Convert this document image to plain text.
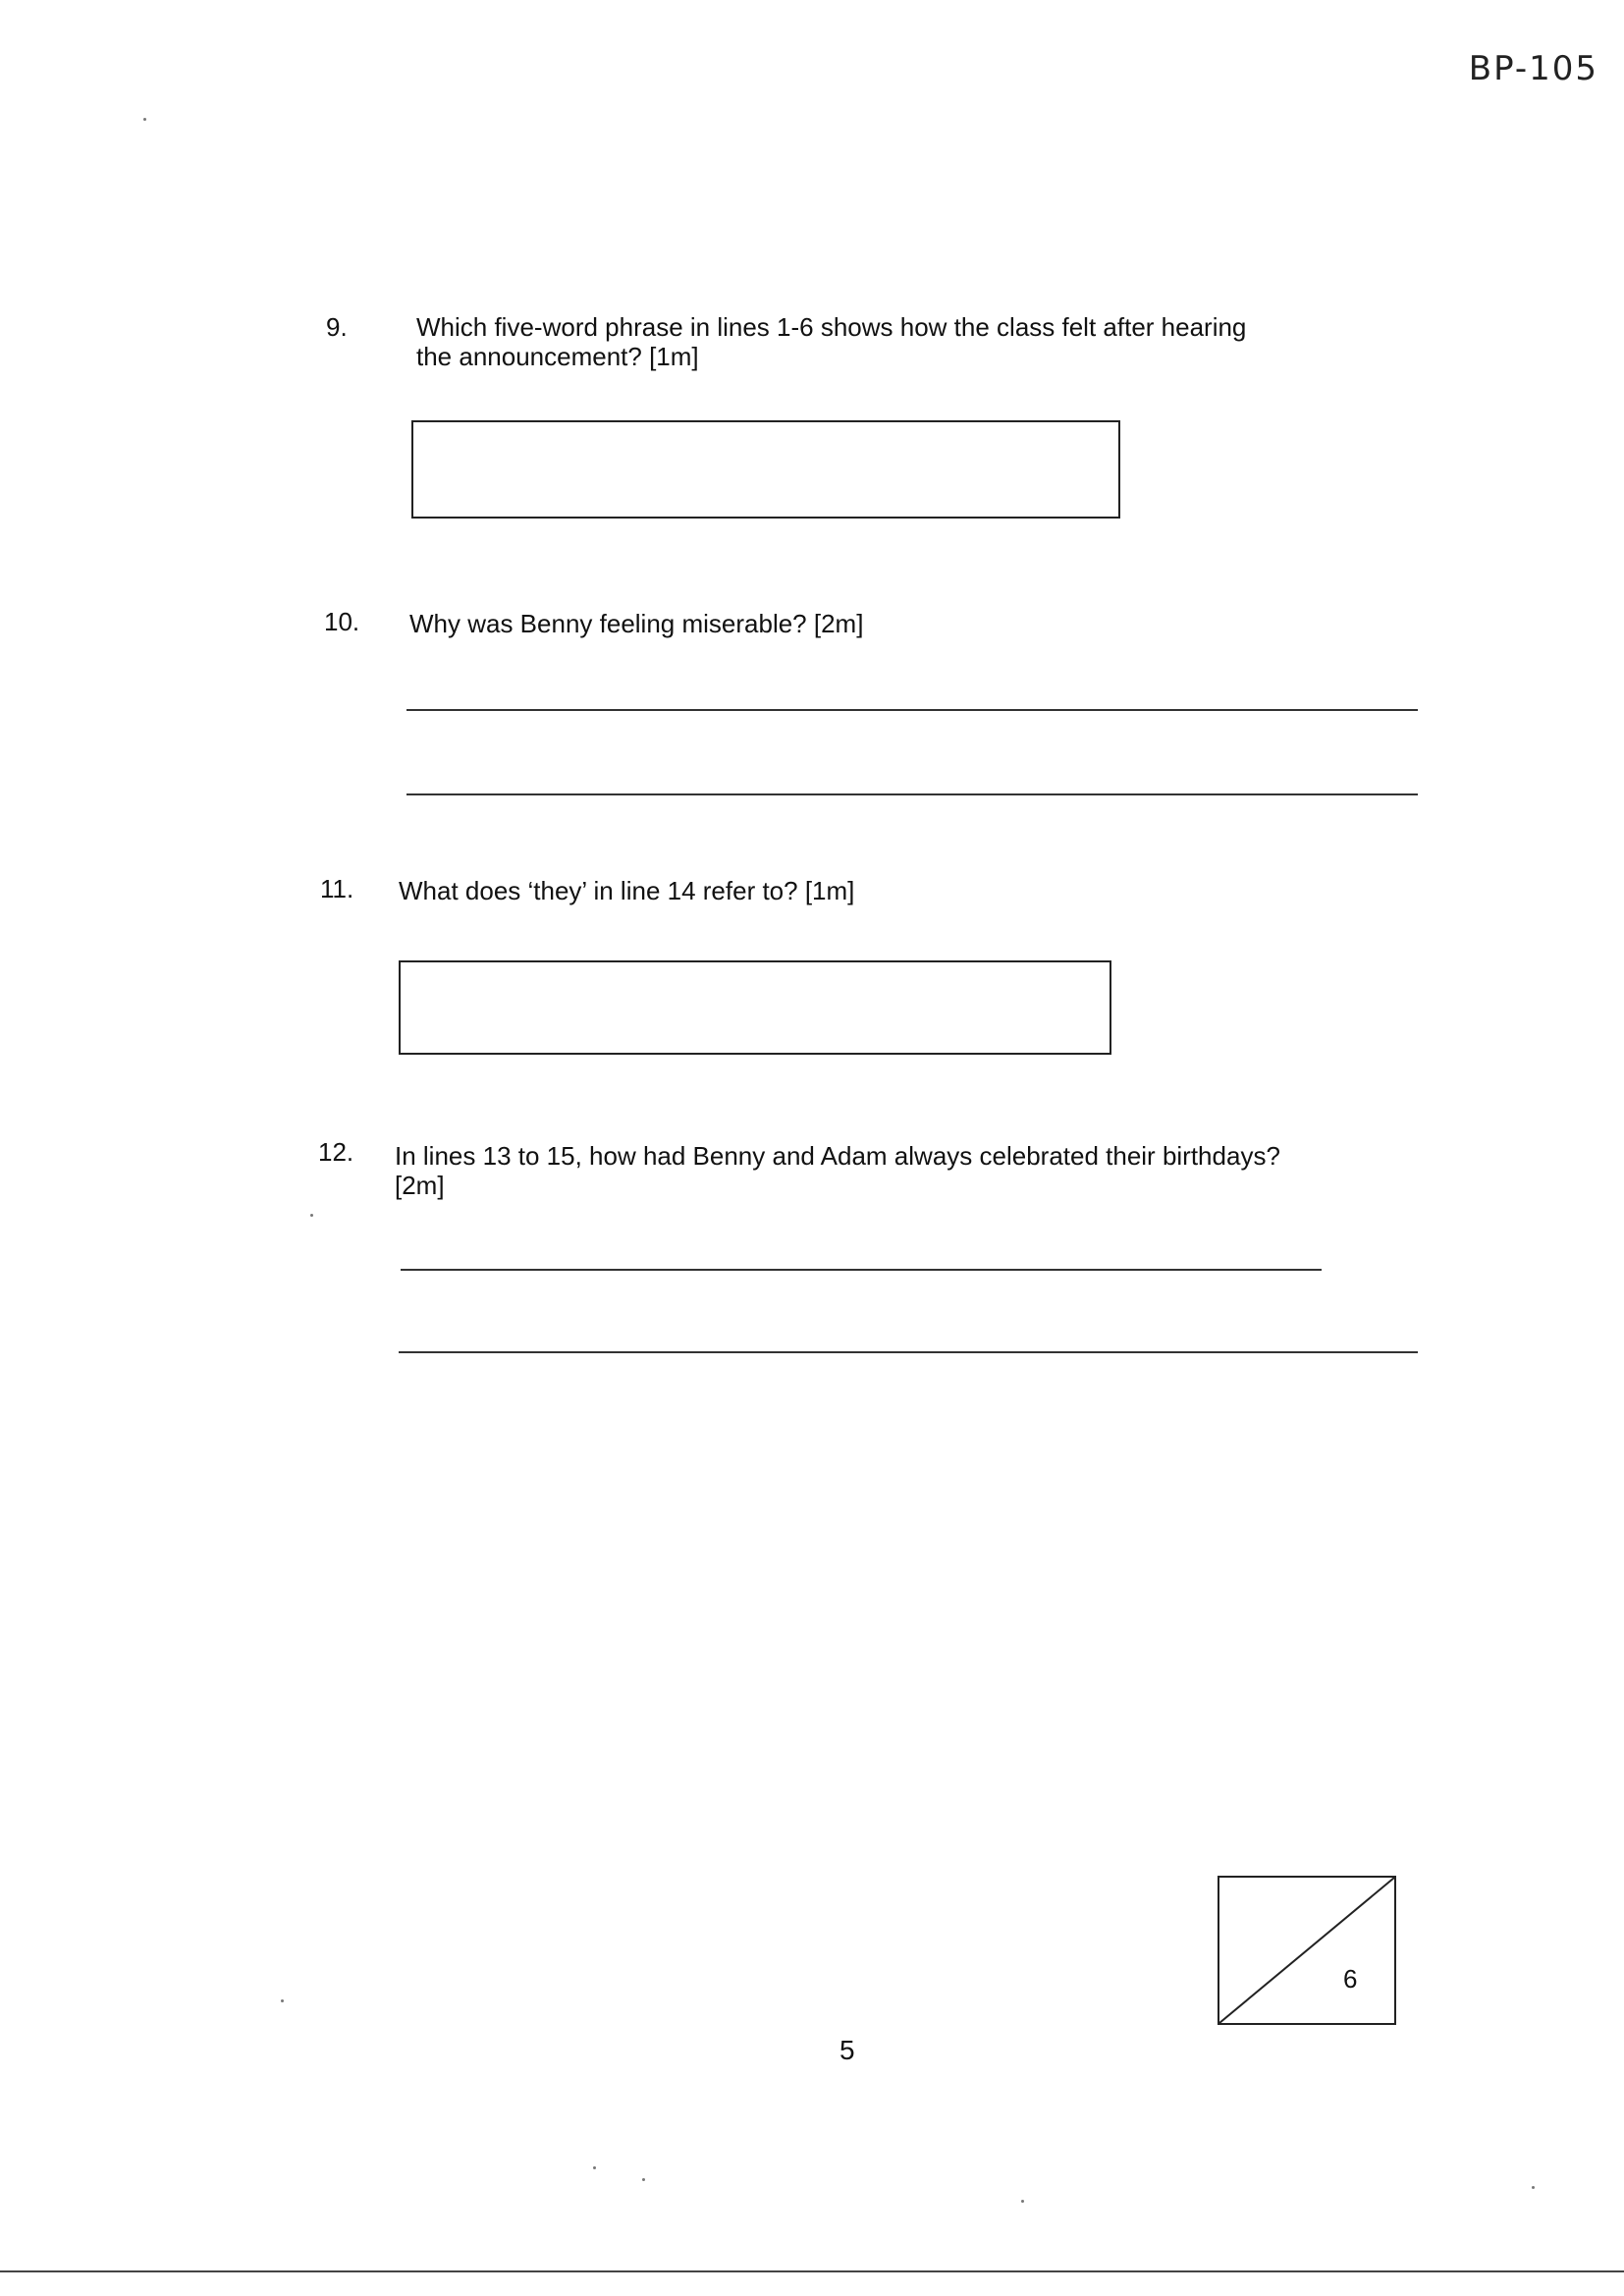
BP-105
9.	Which five-word phrase in lines 1-6 shows how the class felt after hearing
the announcement? [1m]
10. Why was Benny feeling miserable? [2m]
11. What does ‘they’ in line 14 refer to? [1m]
12. In lines 13 to 15, how had Benny and Adam always celebrated their birthdays?
[2m]
6
5
